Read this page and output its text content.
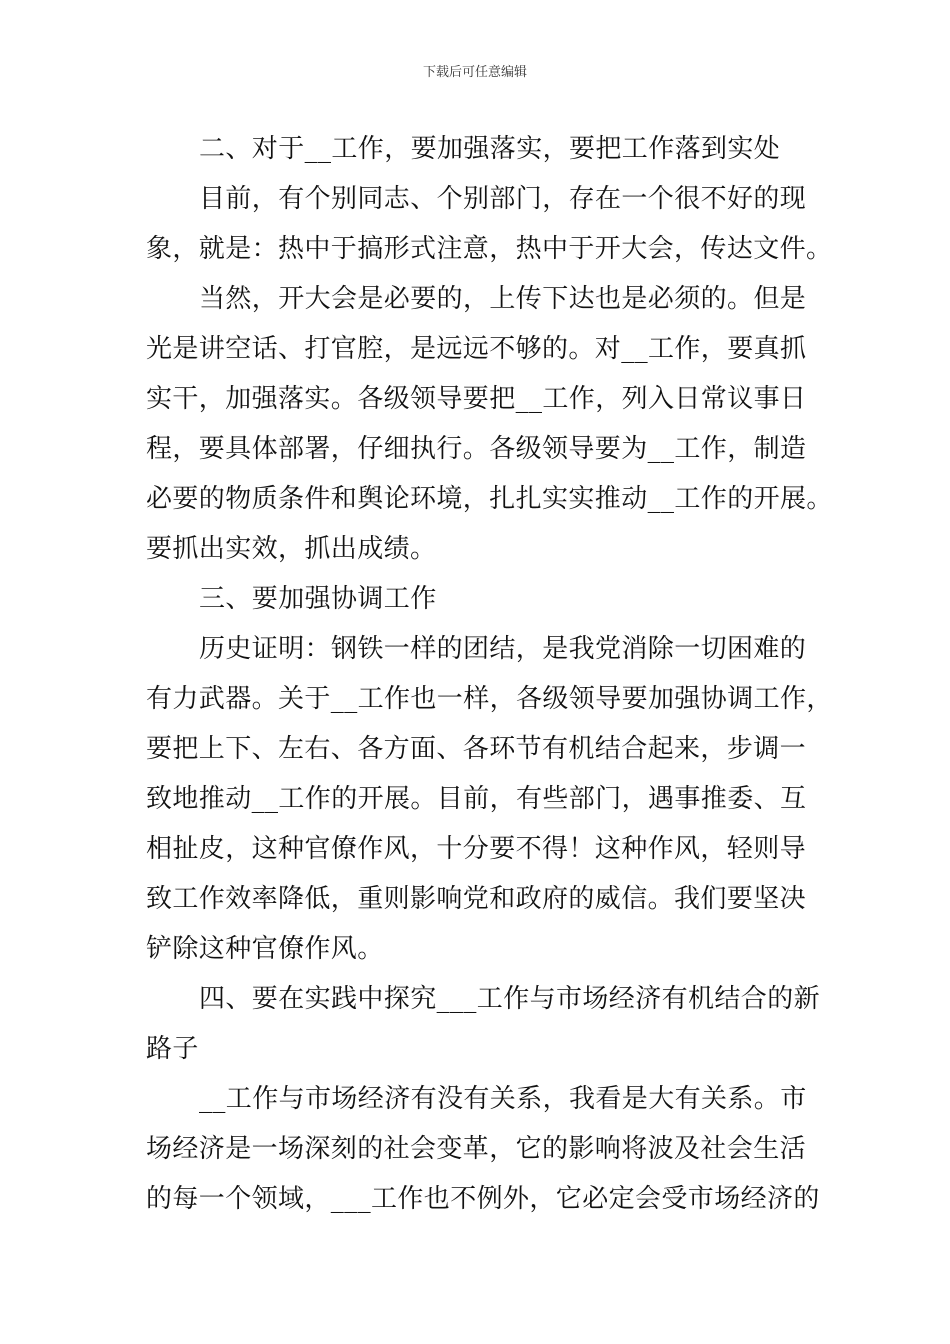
下载后可任意编辑
二、对于__工作，要加强落实，要把工作落到实处
目前，有个别同志、个别部门，存在一个很不好的现
象，就是：热中于搞形式注意，热中于开大会，传达文件。
当然，开大会是必要的，上传下达也是必须的。但是
光是讲空话、打官腔，是远远不够的。对__工作，要真抓
实干，加强落实。各级领导要把__工作，列入日常议事日
程，要具体部署，仔细执行。各级领导要为__工作，制造
必要的物质条件和舆论环境，扎扎实实推动__工作的开展。
要抓出实效，抓出成绩。
三、要加强协调工作
历史证明：钢铁一样的团结，是我党消除一切困难的
有力武器。关于__工作也一样，各级领导要加强协调工作，
要把上下、左右、各方面、各环节有机结合起来，步调一
致地推动__工作的开展。目前，有些部门，遇事推委、互
相扯皮，这种官僚作风，十分要不得！这种作风，轻则导
致工作效率降低，重则影响党和政府的威信。我们要坚决
铲除这种官僚作风。
四、要在实践中探究___工作与市场经济有机结合的新
路子
__工作与市场经济有没有关系，我看是大有关系。市
场经济是一场深刻的社会变革，它的影响将波及社会生活
的每一个领域，___工作也不例外，它必定会受市场经济的
